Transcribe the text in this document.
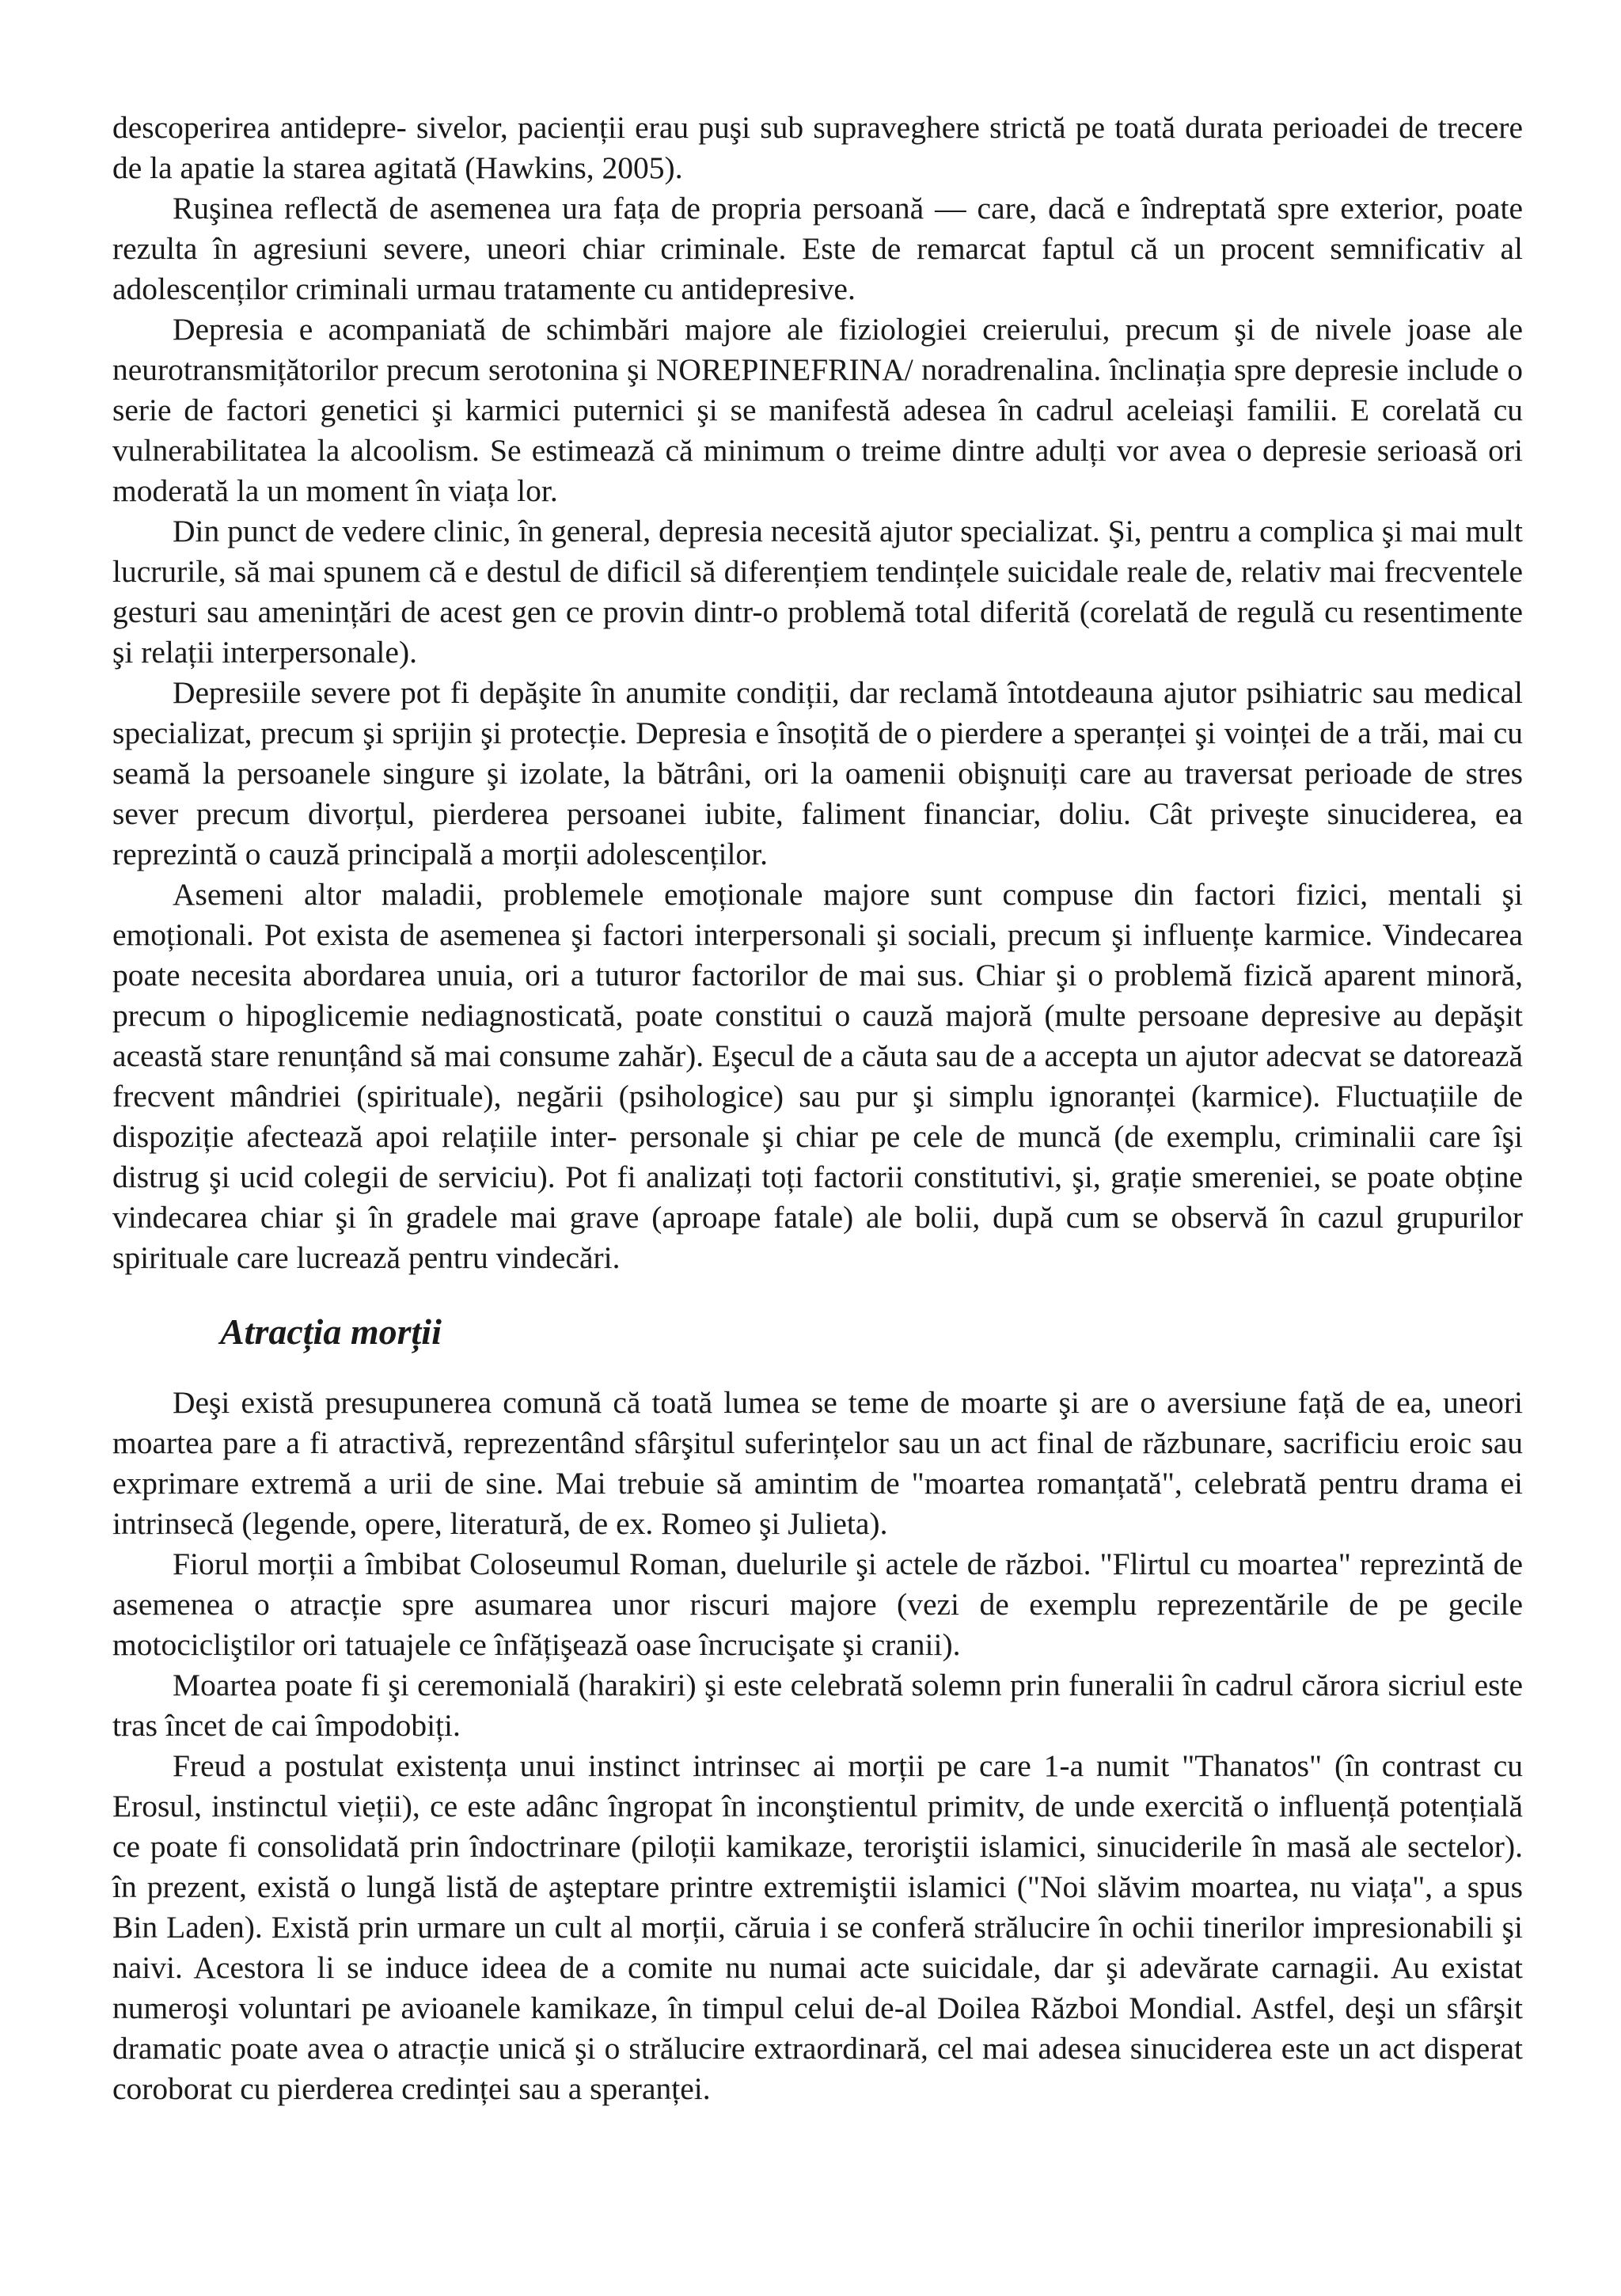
descoperirea antidepre- sivelor, pacienții erau puşi sub supraveghere strictă pe toată durata perioadei de trecere de la apatie la starea agitată (Hawkins, 2005).

Ruşinea reflectă de asemenea ura fața de propria persoană — care, dacă e îndreptată spre exterior, poate rezulta în agresiuni severe, uneori chiar criminale. Este de remarcat faptul că un procent semnificativ al adolescenților criminali urmau tratamente cu antidepresive.

Depresia e acompaniată de schimbări majore ale fiziologiei creierului, precum şi de nivele joase ale neurotransmițătorilor precum serotonina şi NOREPINEFRINA/ noradrenalina. înclinația spre depresie include o serie de factori genetici şi karmici puternici şi se manifestă adesea în cadrul aceleiaşi familii. E corelată cu vulnerabilitatea la alcoolism. Se estimează că minimum o treime dintre adulți vor avea o depresie serioasă ori moderată la un moment în viața lor.

Din punct de vedere clinic, în general, depresia necesită ajutor specializat. Şi, pentru a complica şi mai mult lucrurile, să mai spunem că e destul de dificil să diferențiem tendințele suicidale reale de, relativ mai frecventele gesturi sau amenințări de acest gen ce provin dintr-o problemă total diferită (corelată de regulă cu resentimente şi relații interpersonale).

Depresiile severe pot fi depăşite în anumite condiții, dar reclamă întotdeauna ajutor psihiatric sau medical specializat, precum şi sprijin şi protecție. Depresia e însoțită de o pierdere a speranței şi voinței de a trăi, mai cu seamă la persoanele singure şi izolate, la bătrâni, ori la oamenii obişnuiți care au traversat perioade de stres sever precum divorțul, pierderea persoanei iubite, faliment financiar, doliu. Cât priveşte sinuciderea, ea reprezintă o cauză principală a morții adolescenților.

Asemeni altor maladii, problemele emoționale majore sunt compuse din factori fizici, mentali şi emoționali. Pot exista de asemenea şi factori interpersonali şi sociali, precum şi influențe karmice. Vindecarea poate necesita abordarea unuia, ori a tuturor factorilor de mai sus. Chiar şi o problemă fizică aparent minoră, precum o hipoglicemie nediagnosticată, poate constitui o cauză majoră (multe persoane depresive au depăşit această stare renunțând să mai consume zahăr). Eşecul de a căuta sau de a accepta un ajutor adecvat se datorează frecvent mândriei (spirituale), negării (psihologice) sau pur şi simplu ignoranței (karmice). Fluctuațiile de dispoziție afectează apoi relațiile inter- personale şi chiar pe cele de muncă (de exemplu, criminalii care îşi distrug şi ucid colegii de serviciu). Pot fi analizați toți factorii constitutivi, şi, grație smereniei, se poate obține vindecarea chiar şi în gradele mai grave (aproape fatale) ale bolii, după cum se observă în cazul grupurilor spirituale care lucrează pentru vindecări.

Atracția morții

Deşi există presupunerea comună că toată lumea se teme de moarte şi are o aversiune față de ea, uneori moartea pare a fi atractivă, reprezentând sfârşitul suferințelor sau un act final de răzbunare, sacrificiu eroic sau exprimare extremă a urii de sine. Mai trebuie să amintim de "moartea romanțată", celebrată pentru drama ei intrinsecă (legende, opere, literatură, de ex. Romeo şi Julieta).

Fiorul morții a îmbibat Coloseumul Roman, duelurile şi actele de război. "Flirtul cu moartea" reprezintă de asemenea o atracție spre asumarea unor riscuri majore (vezi de exemplu reprezentările de pe gecile motocicliştilor ori tatuajele ce înfățişează oase încrucişate şi cranii).

Moartea poate fi şi ceremonială (harakiri) şi este celebrată solemn prin funeralii în cadrul cărora sicriul este tras încet de cai împodobiți.

Freud a postulat existența unui instinct intrinsec ai morții pe care 1-a numit "Thanatos" (în contrast cu Erosul, instinctul vieții), ce este adânc îngropat în inconştientul primitv, de unde exercită o influență potențială ce poate fi consolidată prin îndoctrinare (piloții kamikaze, teroriştii islamici, sinuciderile în masă ale sectelor). în prezent, există o lungă listă de aşteptare printre extremiştii islamici ("Noi slăvim moartea, nu viața", a spus Bin Laden). Există prin urmare un cult al morții, căruia i se conferă strălucire în ochii tinerilor impresionabili şi naivi. Acestora li se induce ideea de a comite nu numai acte suicidale, dar şi adevărate carnagii. Au existat numeroşi voluntari pe avioanele kamikaze, în timpul celui de-al Doilea Război Mondial. Astfel, deşi un sfârşit dramatic poate avea o atracție unică şi o strălucire extraordinară, cel mai adesea sinuciderea este un act disperat coroborat cu pierderea credinței sau a speranței.
